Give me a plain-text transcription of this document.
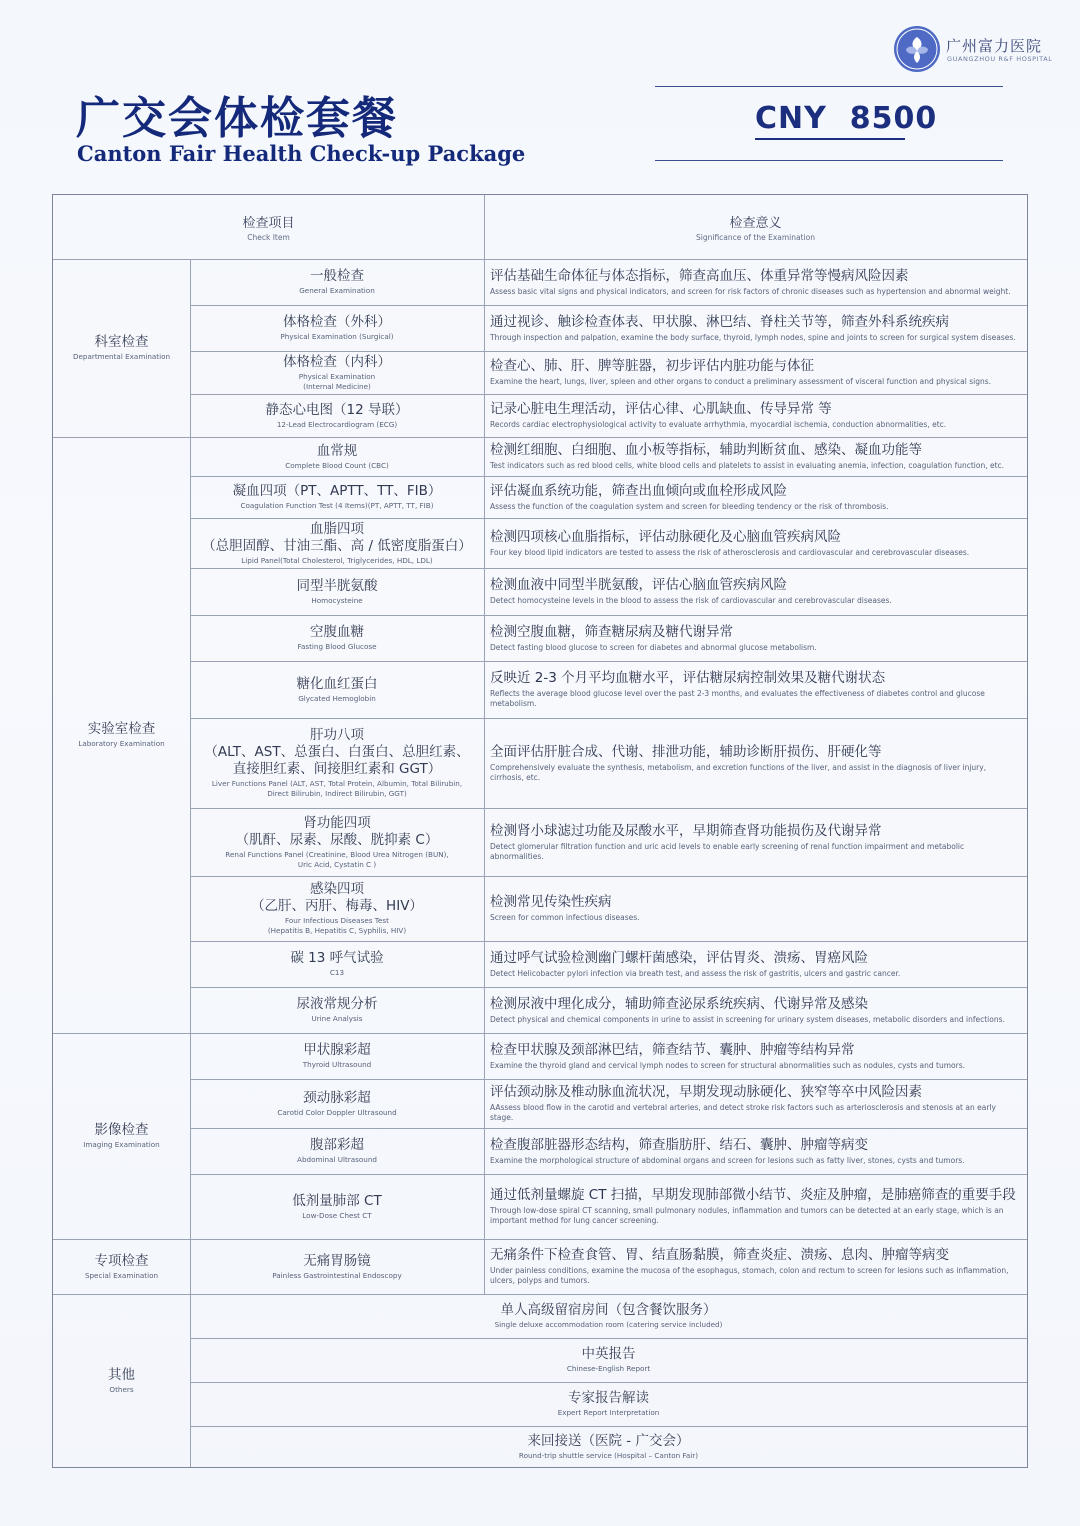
广州富力医院
GUANGZHOU R&F HOSPITAL
广交会体检套餐
Canton Fair Health Check-up Package
CNY  8500
检查项目
Check Item
检查意义
Significance of the Examination
科室检查
Departmental Examination
实验室检查
Laboratory Examination
影像检查
Imaging Examination
专项检查
Special Examination
其他
Others
一般检查
General Examination
评估基础生命体征与体态指标，筛查高血压、体重异常等慢病风险因素
Assess basic vital signs and physical indicators, and screen for risk factors of chronic diseases such as hypertension and abnormal weight.
体格检查（外科）
Physical Examination (Surgical)
通过视诊、触诊检查体表、甲状腺、淋巴结、脊柱关节等，筛查外科系统疾病
Through inspection and palpation, examine the body surface, thyroid, lymph nodes, spine and joints to screen for surgical system diseases.
体格检查（内科）
Physical Examination
(Internal Medicine)
检查心、肺、肝、脾等脏器，初步评估内脏功能与体征
Examine the heart, lungs, liver, spleen and other organs to conduct a preliminary assessment of visceral function and physical signs.
静态心电图（12 导联）
12-Lead Electrocardiogram (ECG)
记录心脏电生理活动，评估心律、心肌缺血、传导异常 等
Records cardiac electrophysiological activity to evaluate arrhythmia, myocardial ischemia, conduction abnormalities, etc.
血常规
Complete Blood Count (CBC)
检测红细胞、白细胞、血小板等指标，辅助判断贫血、感染、凝血功能等
Test indicators such as red blood cells, white blood cells and platelets to assist in evaluating anemia, infection, coagulation function, etc.
凝血四项（PT、APTT、TT、FIB）
Coagulation Function Test (4 Items)(PT, APTT, TT, FIB)
评估凝血系统功能，筛查出血倾向或血栓形成风险
Assess the function of the coagulation system and screen for bleeding tendency or the risk of thrombosis.
血脂四项
（总胆固醇、甘油三酯、高 / 低密度脂蛋白）
Lipid Panel(Total Cholesterol, Triglycerides, HDL, LDL)
检测四项核心血脂指标，评估动脉硬化及心脑血管疾病风险
Four key blood lipid indicators are tested to assess the risk of atherosclerosis and cardiovascular and cerebrovascular diseases.
同型半胱氨酸
Homocysteine
检测血液中同型半胱氨酸，评估心脑血管疾病风险
Detect homocysteine levels in the blood to assess the risk of cardiovascular and cerebrovascular diseases.
空腹血糖
Fasting Blood Glucose
检测空腹血糖，筛查糖尿病及糖代谢异常
Detect fasting blood glucose to screen for diabetes and abnormal glucose metabolism.
糖化血红蛋白
Glycated Hemoglobin
反映近 2-3 个月平均血糖水平，评估糖尿病控制效果及糖代谢状态
Reflects the average blood glucose level over the past 2-3 months, and evaluates the effectiveness of diabetes control and glucose metabolism.
肝功八项
（ALT、AST、总蛋白、白蛋白、总胆红素、
直接胆红素、间接胆红素和 GGT）
Liver Functions Panel (ALT, AST, Total Protein, Albumin, Total Bilirubin,
Direct Bilirubin, Indirect Bilirubin, GGT)
全面评估肝脏合成、代谢、排泄功能，辅助诊断肝损伤、肝硬化等
Comprehensively evaluate the synthesis, metabolism, and excretion functions of the liver, and assist in the diagnosis of liver injury, cirrhosis, etc.
肾功能四项
（肌酐、尿素、尿酸、胱抑素 C）
Renal Functions Panel (Creatinine, Blood Urea Nitrogen (BUN),
Uric Acid, Cystatin C )
检测肾小球滤过功能及尿酸水平，早期筛查肾功能损伤及代谢异常
Detect glomerular filtration function and uric acid levels to enable early screening of renal function impairment and metabolic abnormalities.
感染四项
（乙肝、丙肝、梅毒、HIV）
Four Infectious Diseases Test
(Hepatitis B, Hepatitis C, Syphilis, HIV)
检测常见传染性疾病
Screen for common infectious diseases.
碳 13 呼气试验
C13
通过呼气试验检测幽门螺杆菌感染，评估胃炎、溃疡、胃癌风险
Detect Helicobacter pylori infection via breath test, and assess the risk of gastritis, ulcers and gastric cancer.
尿液常规分析
Urine Analysis
检测尿液中理化成分，辅助筛查泌尿系统疾病、代谢异常及感染
Detect physical and chemical components in urine to assist in screening for urinary system diseases, metabolic disorders and infections.
甲状腺彩超
Thyroid Ultrasound
检查甲状腺及颈部淋巴结，筛查结节、囊肿、肿瘤等结构异常
Examine the thyroid gland and cervical lymph nodes to screen for structural abnormalities such as nodules, cysts and tumors.
颈动脉彩超
Carotid Color Doppler Ultrasound
评估颈动脉及椎动脉血流状况，早期发现动脉硬化、狭窄等卒中风险因素
AAssess blood flow in the carotid and vertebral arteries, and detect stroke risk factors such as arteriosclerosis and stenosis at an early stage.
腹部彩超
Abdominal Ultrasound
检查腹部脏器形态结构，筛查脂肪肝、结石、囊肿、肿瘤等病变
Examine the morphological structure of abdominal organs and screen for lesions such as fatty liver, stones, cysts and tumors.
低剂量肺部 CT
Low-Dose Chest CT
通过低剂量螺旋 CT 扫描，早期发现肺部微小结节、炎症及肿瘤，是肺癌筛查的重要手段
Through low-dose spiral CT scanning, small pulmonary nodules, inflammation and tumors can be detected at an early stage, which is an important method for lung cancer screening.
无痛胃肠镜
Painless Gastrointestinal Endoscopy
无痛条件下检查食管、胃、结直肠黏膜，筛查炎症、溃疡、息肉、肿瘤等病变
Under painless conditions, examine the mucosa of the esophagus, stomach, colon and rectum to screen for lesions such as inflammation, ulcers, polyps and tumors.
单人高级留宿房间（包含餐饮服务）
Single deluxe accommodation room (catering service included)
中英报告
Chinese-English Report
专家报告解读
Expert Report Interpretation
来回接送（医院 - 广交会）
Round-trip shuttle service (Hospital – Canton Fair)
